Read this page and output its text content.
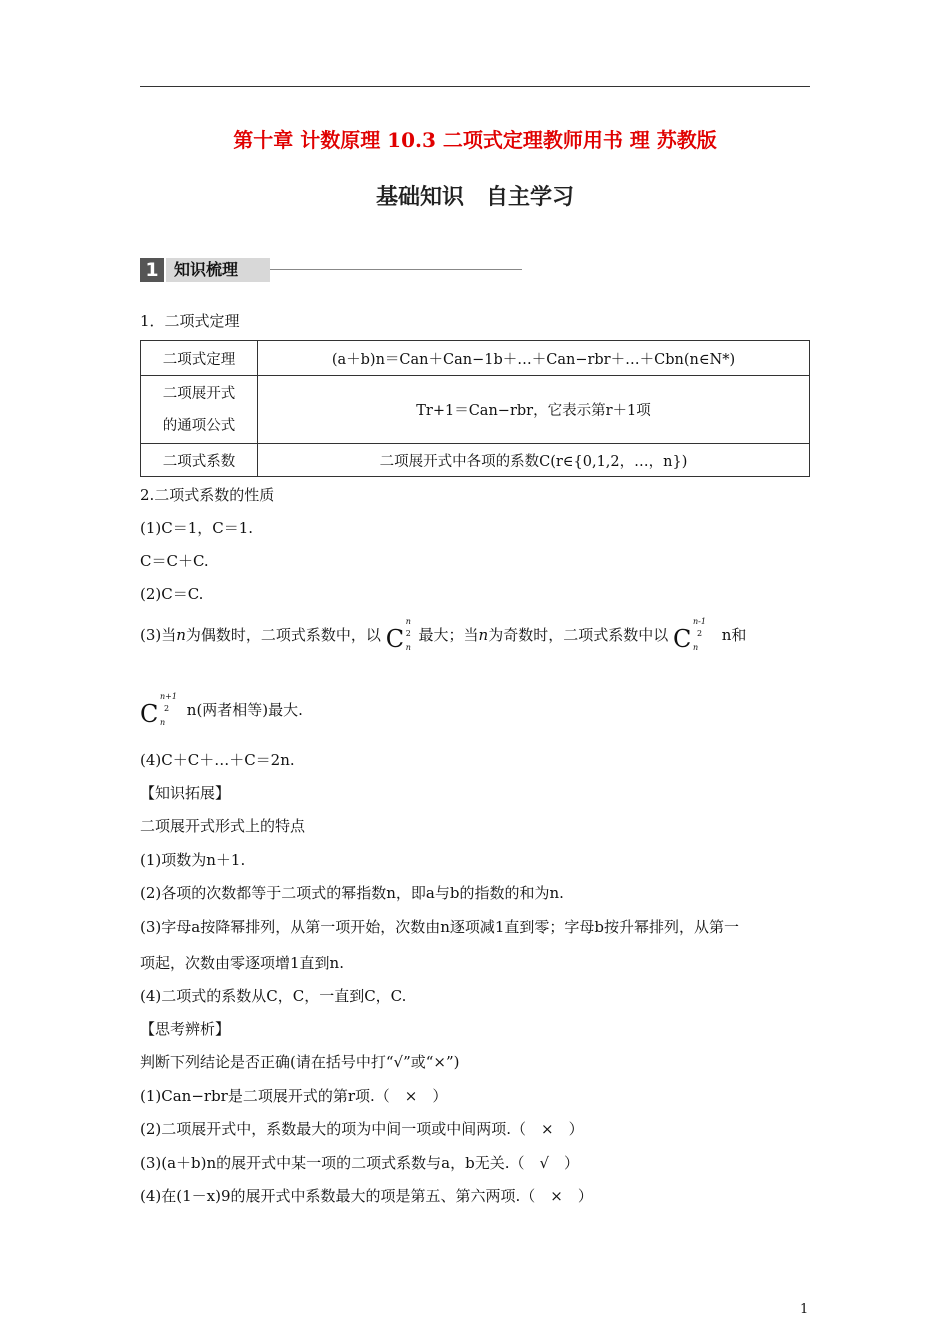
第十章 计数原理 10.3 二项式定理教师用书 理 苏教版
基础知识　自主学习
1 知识梳理
1．二项式定理
二项式定理	(a＋b)n＝Can＋Can−1b＋…＋Can−rbr＋…＋Cbn(n∈N*)

二项展开式
的通项公式	Tr+1＝Can−rbr，它表示第r＋1项
二项式系数	二项展开式中各项的系数C(r∈{0,1,2，…，n})
2.二项式系数的性质
(1)C＝1，C＝1.
C＝C＋C.
(2)C＝C.
(3)当n为偶数时，二项式系数中，以 C
n
2
n
最大；当n为奇数时，二项式系数中以 C
n-1
2
n
n和
C
n+1
2
n
n(两者相等)最大.
(4)C＋C＋…＋C＝2n.
【知识拓展】
二项展开式形式上的特点
(1)项数为n＋1.
(2)各项的次数都等于二项式的幂指数n，即a与b的指数的和为n.
(3)字母a按降幂排列，从第一项开始，次数由n逐项减1直到零；字母b按升幂排列，从第一
项起，次数由零逐项增1直到n.
(4)二项式的系数从C，C，一直到C，C.
【思考辨析】
判断下列结论是否正确(请在括号中打“√”或“×”)
(1)Can−rbr是二项展开式的第r项.（　×　）
(2)二项展开式中，系数最大的项为中间一项或中间两项.（　×　）
(3)(a＋b)n的展开式中某一项的二项式系数与a，b无关.（　√　）
(4)在(1－x)9的展开式中系数最大的项是第五、第六两项.（　×　）
1
